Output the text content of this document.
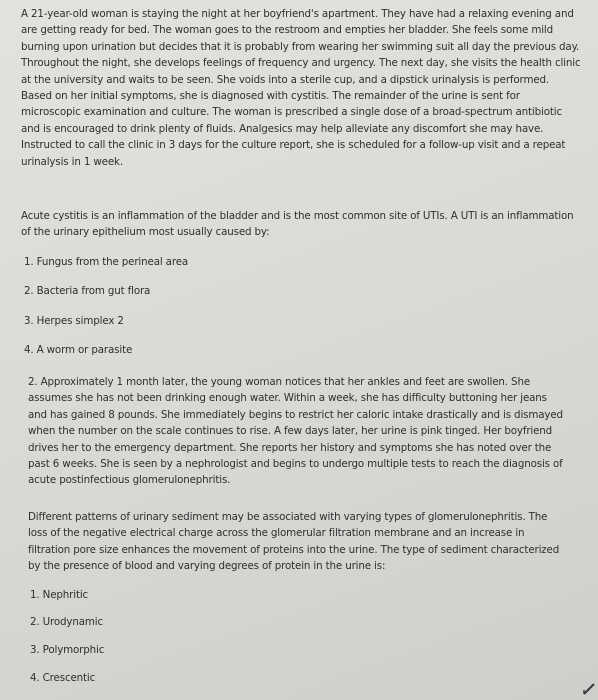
A 21-year-old woman is staying the night at her boyfriend's apartment. They have had a relaxing evening and are getting ready for bed. The woman goes to the restroom and empties her bladder. She feels some mild burning upon urination but decides that it is probably from wearing her swimming suit all day the previous day. Throughout the night, she develops feelings of frequency and urgency. The next day, she visits the health clinic at the university and waits to be seen. She voids into a sterile cup, and a dipstick urinalysis is performed. Based on her initial symptoms, she is diagnosed with cystitis. The remainder of the urine is sent for microscopic examination and culture. The woman is prescribed a single dose of a broad-spectrum antibiotic and is encouraged to drink plenty of fluids. Analgesics may help alleviate any discomfort she may have. Instructed to call the clinic in 3 days for the culture report, she is scheduled for a follow-up visit and a repeat urinalysis in 1 week.

Acute cystitis is an inflammation of the bladder and is the most common site of UTIs. A UTI is an inflammation of the urinary epithelium most usually caused by:

1. Fungus from the perineal area
2. Bacteria from gut flora
3. Herpes simplex 2
4. A worm or parasite

2. Approximately 1 month later, the young woman notices that her ankles and feet are swollen. She assumes she has not been drinking enough water. Within a week, she has difficulty buttoning her jeans and has gained 8 pounds. She immediately begins to restrict her caloric intake drastically and is dismayed when the number on the scale continues to rise. A few days later, her urine is pink tinged. Her boyfriend drives her to the emergency department. She reports her history and symptoms she has noted over the past 6 weeks. She is seen by a nephrologist and begins to undergo multiple tests to reach the diagnosis of acute postinfectious glomerulonephritis.

Different patterns of urinary sediment may be associated with varying types of glomerulonephritis. The loss of the negative electrical charge across the glomerular filtration membrane and an increase in filtration pore size enhances the movement of proteins into the urine. The type of sediment characterized by the presence of blood and varying degrees of protein in the urine is:

1. Nephritic
2. Urodynamic
3. Polymorphic
4. Crescentic
